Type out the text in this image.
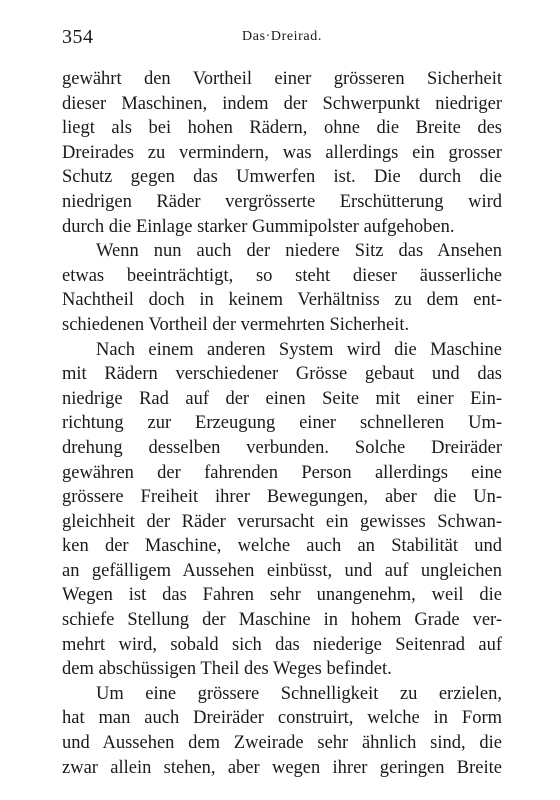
354	Das·Dreirad.
gewährt den Vortheil einer grösseren Sicherheit
dieser Maschinen, indem der Schwerpunkt niedriger
liegt als bei hohen Rädern, ohne die Breite des
Dreirades zu vermindern, was allerdings ein grosser
Schutz gegen das Umwerfen ist. Die durch die
niedrigen Räder vergrösserte Erschütterung wird
durch die Einlage starker Gummipolster aufgehoben.
Wenn nun auch der niedere Sitz das Ansehen
etwas beeinträchtigt, so steht dieser äusserliche
Nachtheil doch in keinem Verhältniss zu dem ent-
schiedenen Vortheil der vermehrten Sicherheit.
Nach einem anderen System wird die Maschine
mit Rädern verschiedener Grösse gebaut und das
niedrige Rad auf der einen Seite mit einer Ein-
richtung zur Erzeugung einer schnelleren Um-
drehung desselben verbunden. Solche Dreiräder
gewähren der fahrenden Person allerdings eine
grössere Freiheit ihrer Bewegungen, aber die Un-
gleichheit der Räder verursacht ein gewisses Schwan-
ken der Maschine, welche auch an Stabilität und
an gefälligem Aussehen einbüsst, und auf ungleichen
Wegen ist das Fahren sehr unangenehm, weil die
schiefe Stellung der Maschine in hohem Grade ver-
mehrt wird, sobald sich das niederige Seitenrad auf
dem abschüssigen Theil des Weges befindet.
Um eine grössere Schnelligkeit zu erzielen,
hat man auch Dreiräder construirt, welche in Form
und Aussehen dem Zweirade sehr ähnlich sind, die
zwar allein stehen, aber wegen ihrer geringen Breite
